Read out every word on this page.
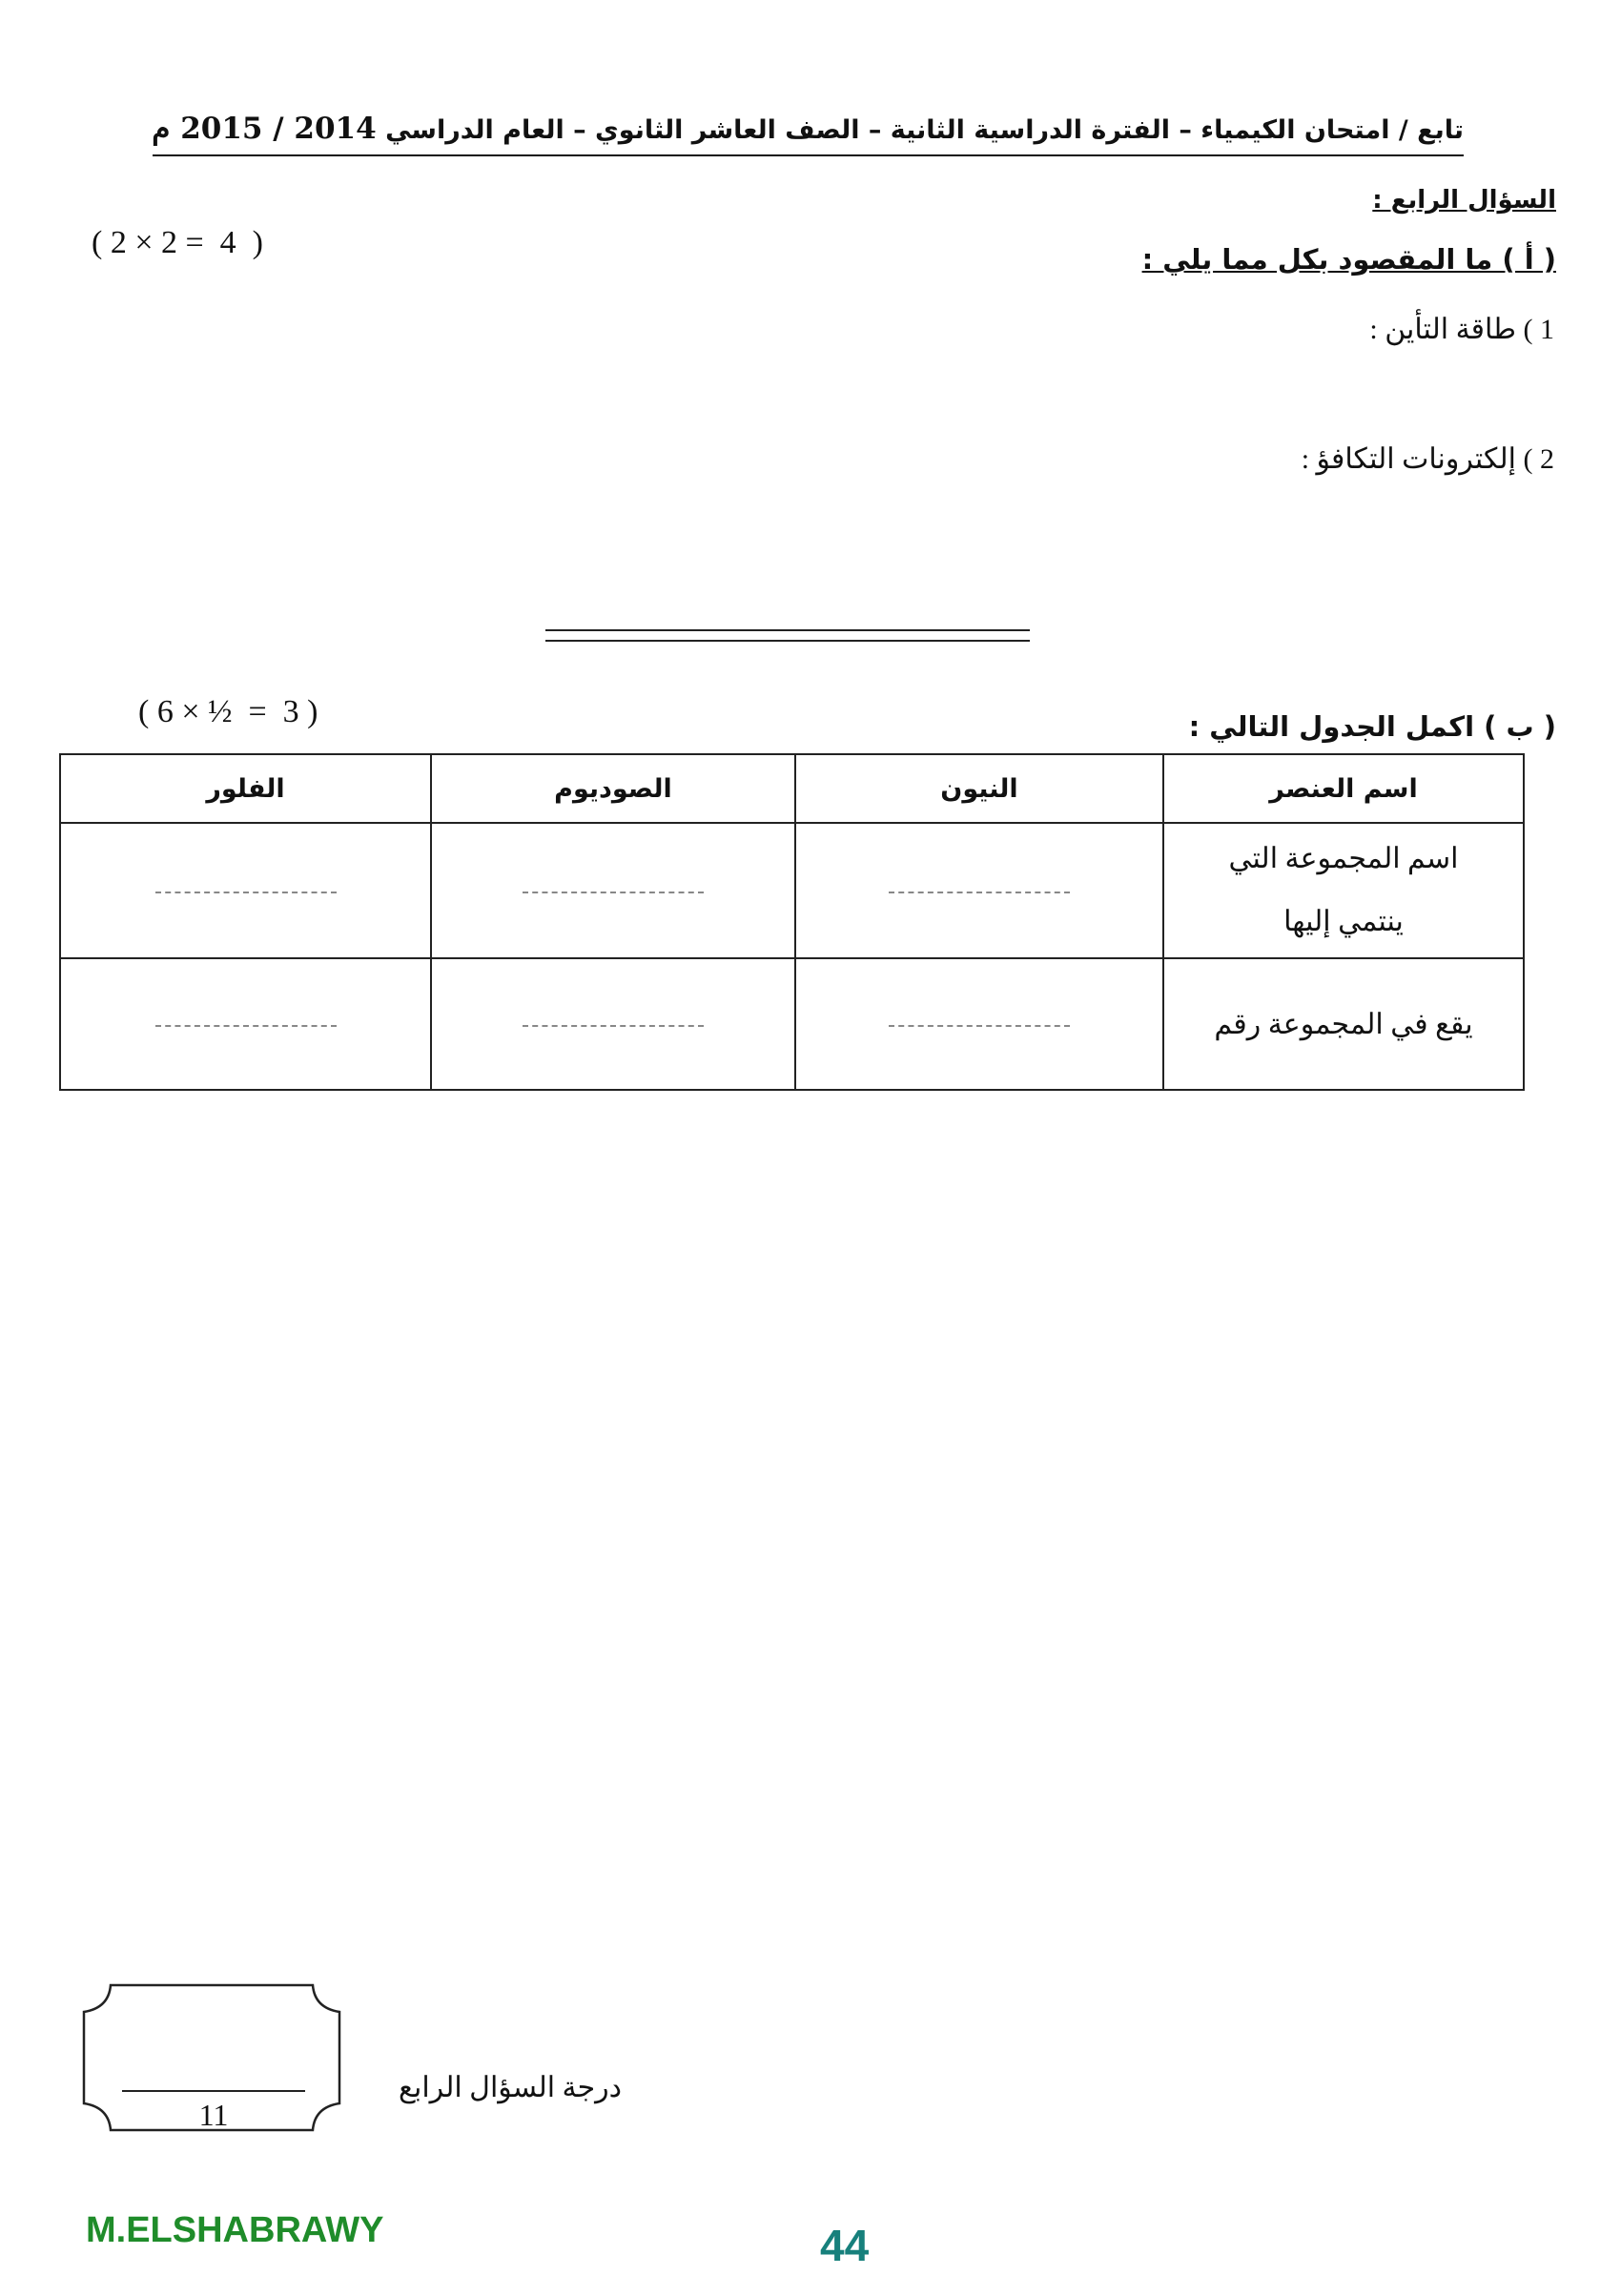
تابع / امتحان الكيمياء – الفترة الدراسية الثانية – الصف العاشر الثانوي – العام الدراسي 2014 / 2015 م
السؤال الرابع :
( 2 × 2 =  4  )	( أ ) ما المقصود بكل مما يلي :
1 ) طاقة التأين :
2 ) إلكترونات التكافؤ :
( 6 × ½  =  3 )	( ب ) اكمل الجدول التالي :
اسم العنصر	النيون	الصوديوم	الفلور

اسم المجموعة التي
ينتمي إليها			

يقع في المجموعة رقم			
11
درجة السؤال الرابع
M.ELSHABRAWY	44
